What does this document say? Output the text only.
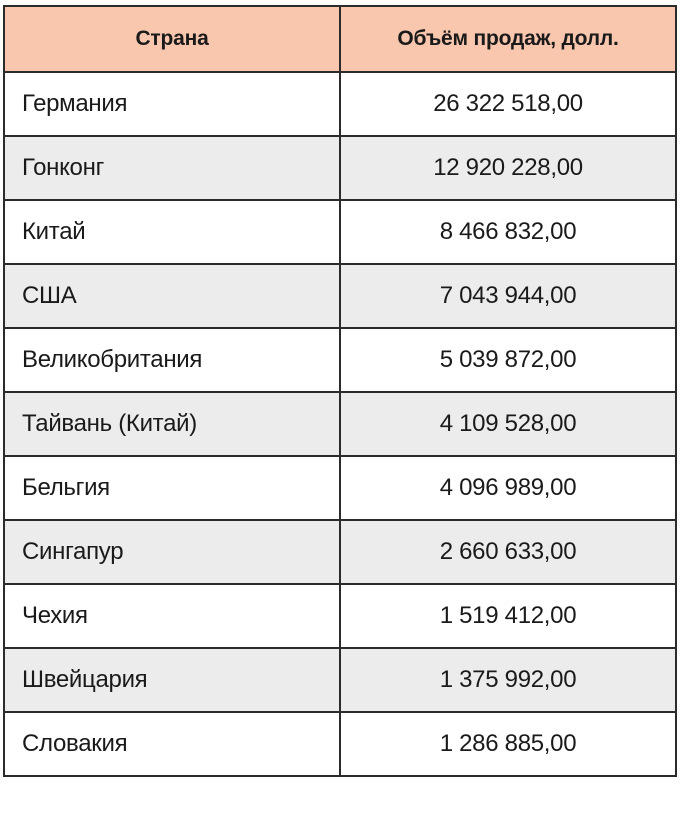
Страна	Объём продаж, долл.
Германия	26 322 518,00
Гонконг	12 920 228,00
Китай	8 466 832,00
США	7 043 944,00
Великобритания	5 039 872,00
Тайвань (Китай)	4 109 528,00
Бельгия	4 096 989,00
Сингапур	2 660 633,00
Чехия	1 519 412,00
Швейцария	1 375 992,00
Словакия	1 286 885,00
